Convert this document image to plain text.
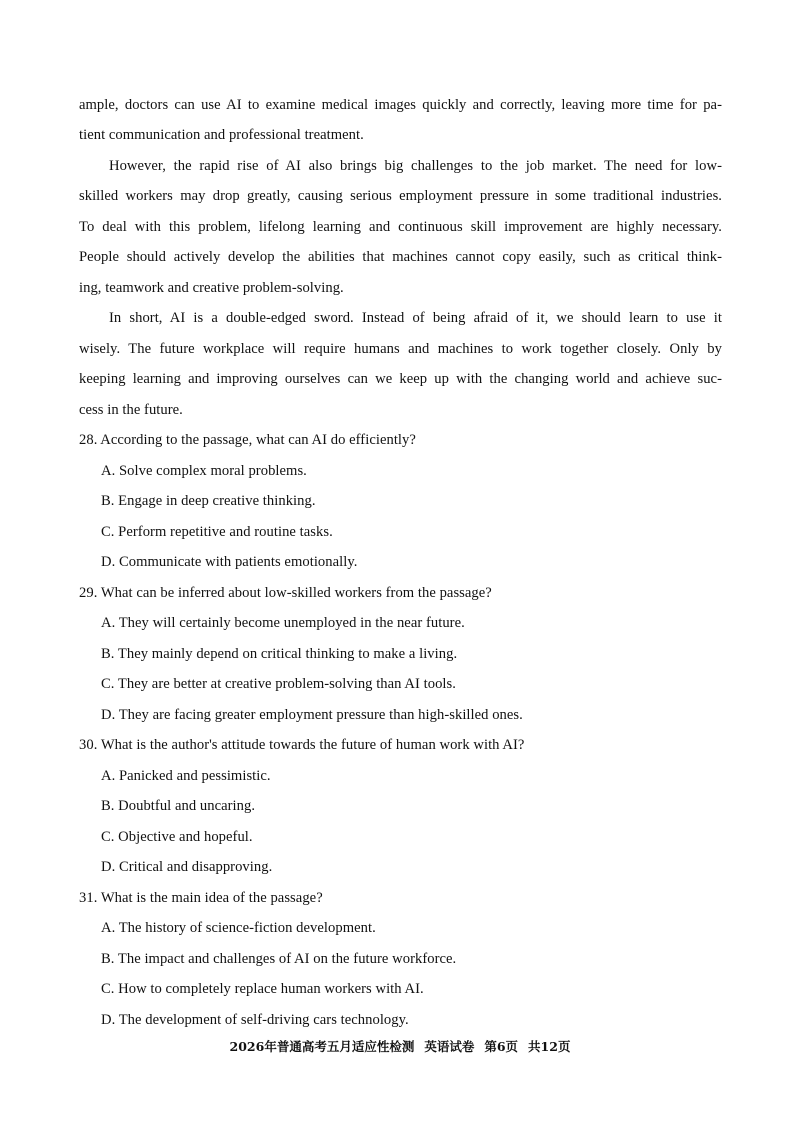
ample, doctors can use AI to examine medical images quickly and correctly, leaving more time for pa-
tient communication and professional treatment.
However, the rapid rise of AI also brings big challenges to the job market. The need for low-
skilled workers may drop greatly, causing serious employment pressure in some traditional industries.
To deal with this problem, lifelong learning and continuous skill improvement are highly necessary.
People should actively develop the abilities that machines cannot copy easily, such as critical think-
ing, teamwork and creative problem-solving.
In short, AI is a double-edged sword. Instead of being afraid of it, we should learn to use it
wisely. The future workplace will require humans and machines to work together closely. Only by
keeping learning and improving ourselves can we keep up with the changing world and achieve suc-
cess in the future.
28. According to the passage, what can AI do efficiently?
A. Solve complex moral problems.
B. Engage in deep creative thinking.
C. Perform repetitive and routine tasks.
D. Communicate with patients emotionally.
29. What can be inferred about low-skilled workers from the passage?
A. They will certainly become unemployed in the near future.
B. They mainly depend on critical thinking to make a living.
C. They are better at creative problem-solving than AI tools.
D. They are facing greater employment pressure than high-skilled ones.
30. What is the author's attitude towards the future of human work with AI?
A. Panicked and pessimistic.
B. Doubtful and uncaring.
C. Objective and hopeful.
D. Critical and disapproving.
31. What is the main idea of the passage?
A. The history of science-fiction development.
B. The impact and challenges of AI on the future workforce.
C. How to completely replace human workers with AI.
D. The development of self-driving cars technology.
2026年普通高考五月适应性检测 英语试卷 第6页 共12页
